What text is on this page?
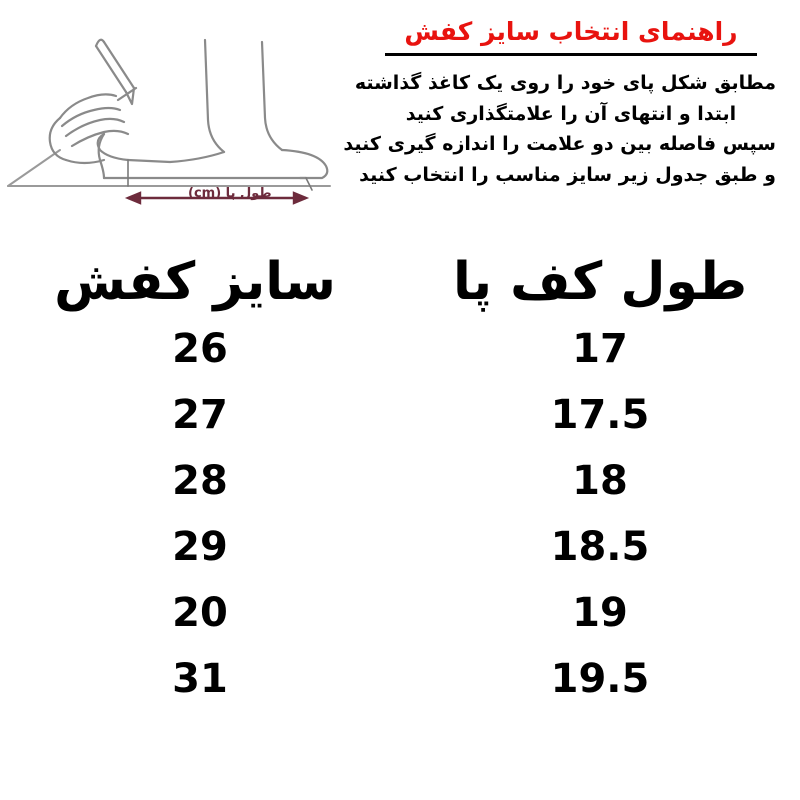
راهنمای انتخاب سایز کفش
مطابق شکل پای خود را روی یک کاغذ گذاشته
ابتدا و انتهای آن را علامتگذاری کنید
سپس فاصله بین دو علامت را اندازه گیری کنید
و طبق جدول زیر سایز مناسب را انتخاب کنید
طول پا (cm)
طول کف پا
سایز کفش
17
26
17.5
27
18
28
18.5
29
19
20
19.5
31
